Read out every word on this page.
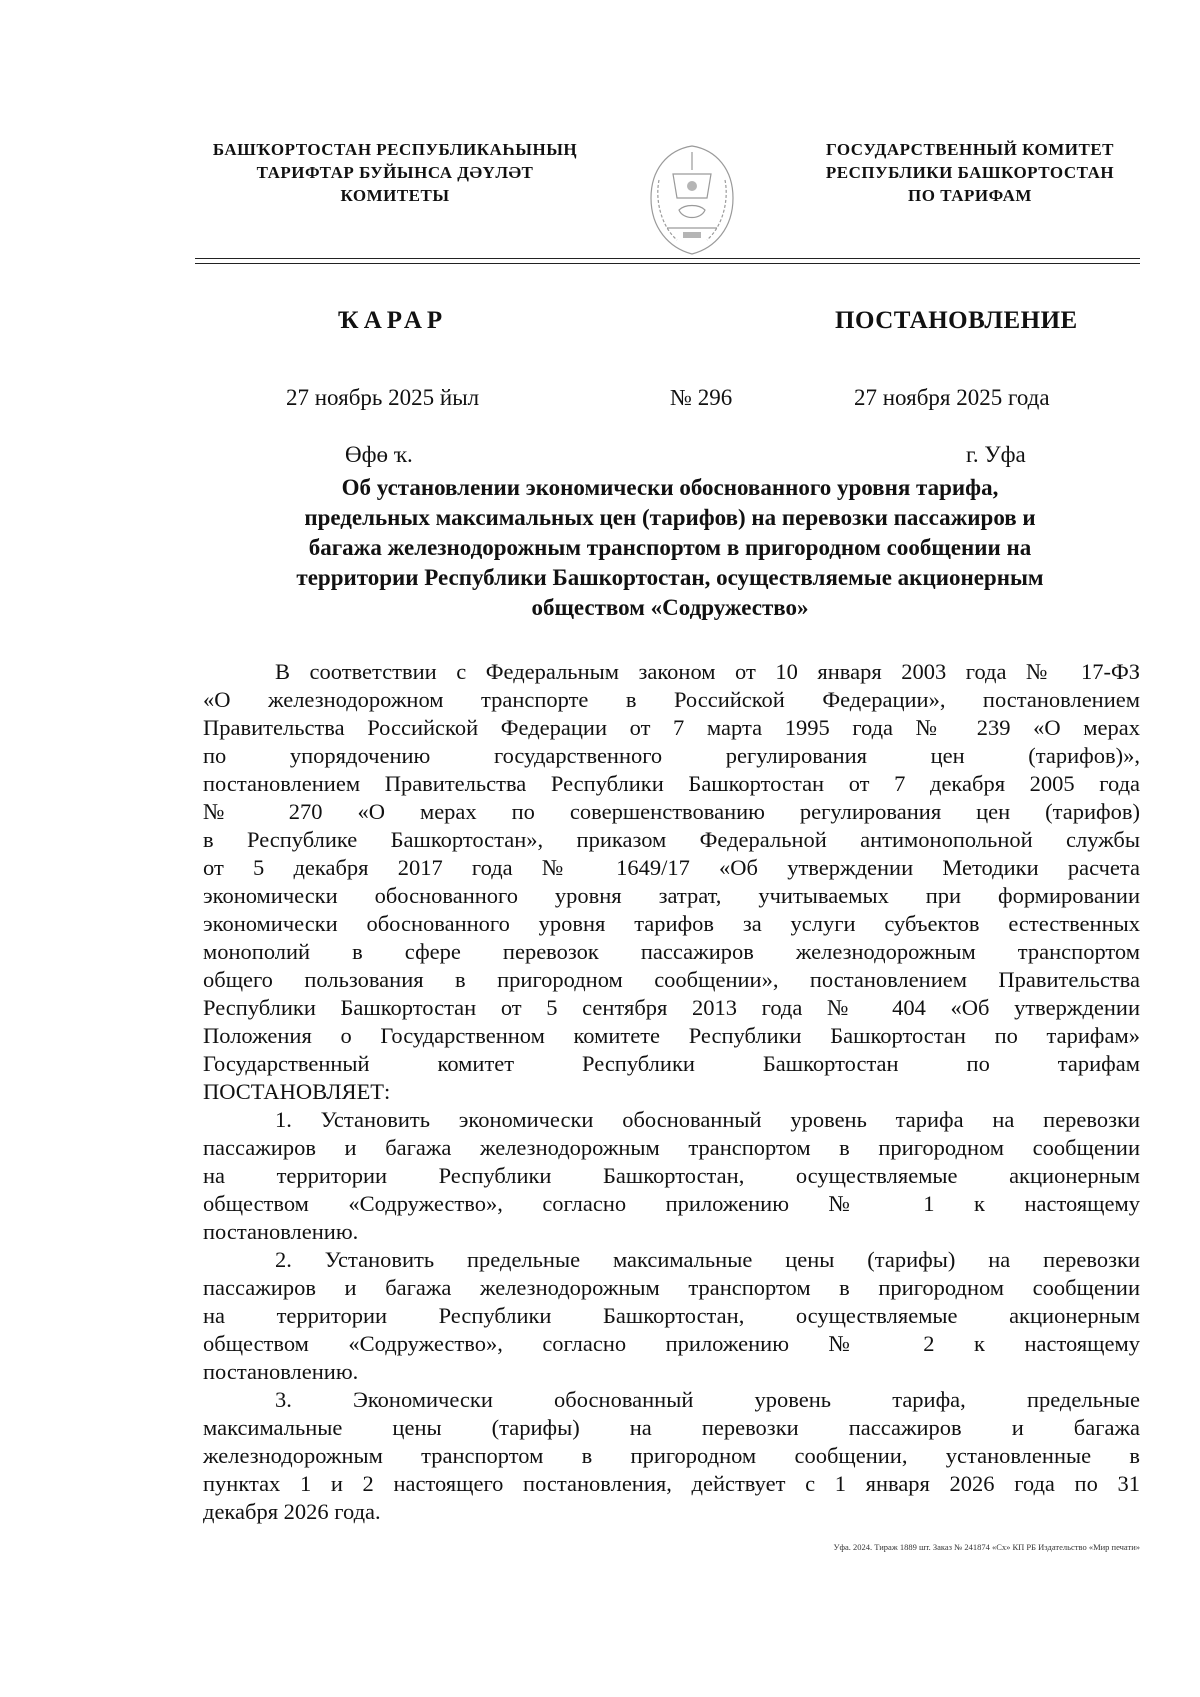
БАШҠОРТОСТАН РЕСПУБЛИКАҺЫНЫҢ
ТАРИФТАР БУЙЫНСА ДӘҮЛӘТ
КОМИТЕТЫ
ГОСУДАРСТВЕННЫЙ КОМИТЕТ
РЕСПУБЛИКИ БАШКОРТОСТАН
ПО ТАРИФАМ
ҠАРАР	ПОСТАНОВЛЕНИЕ
27 ноябрь 2025 йыл	№ 296	27 ноября 2025 года
Өфө ҡ.	г. Уфа
Об установлении экономически обоснованного уровня тарифа,
предельных максимальных цен (тарифов) на перевозки пассажиров и
багажа железнодорожным транспортом в пригородном сообщении на
территории Республики Башкортостан, осуществляемые акционерным
обществом «Содружество»
В соответствии с Федеральным законом от 10 января 2003 года № 17-ФЗ
«О железнодорожном транспорте в Российской Федерации», постановлением
Правительства Российской Федерации от 7 марта 1995 года № 239 «О мерах
по упорядочению государственного регулирования цен (тарифов)»,
постановлением Правительства Республики Башкортостан от 7 декабря 2005 года
№ 270 «О мерах по совершенствованию регулирования цен (тарифов)
в Республике Башкортостан», приказом Федеральной антимонопольной службы
от 5 декабря 2017 года № 1649/17 «Об утверждении Методики расчета
экономически обоснованного уровня затрат, учитываемых при формировании
экономически обоснованного уровня тарифов за услуги субъектов естественных
монополий в сфере перевозок пассажиров железнодорожным транспортом
общего пользования в пригородном сообщении», постановлением Правительства
Республики Башкортостан от 5 сентября 2013 года № 404 «Об утверждении
Положения о Государственном комитете Республики Башкортостан по тарифам»
Государственный комитет Республики Башкортостан по тарифам
ПОСТАНОВЛЯЕТ:
1. Установить экономически обоснованный уровень тарифа на перевозки
пассажиров и багажа железнодорожным транспортом в пригородном сообщении
на территории Республики Башкортостан, осуществляемые акционерным
обществом «Содружество», согласно приложению № 1 к настоящему
постановлению.
2. Установить предельные максимальные цены (тарифы) на перевозки
пассажиров и багажа железнодорожным транспортом в пригородном сообщении
на территории Республики Башкортостан, осуществляемые акционерным
обществом «Содружество», согласно приложению № 2 к настоящему
постановлению.
3. Экономически обоснованный уровень тарифа, предельные
максимальные цены (тарифы) на перевозки пассажиров и багажа
железнодорожным транспортом в пригородном сообщении, установленные в
пунктах 1 и 2 настоящего постановления, действует с 1 января 2026 года по 31
декабря 2026 года.
Уфа. 2024. Тираж 1889 шт. Заказ № 241874 «Сх» КП РБ Издательство «Мир печати»
